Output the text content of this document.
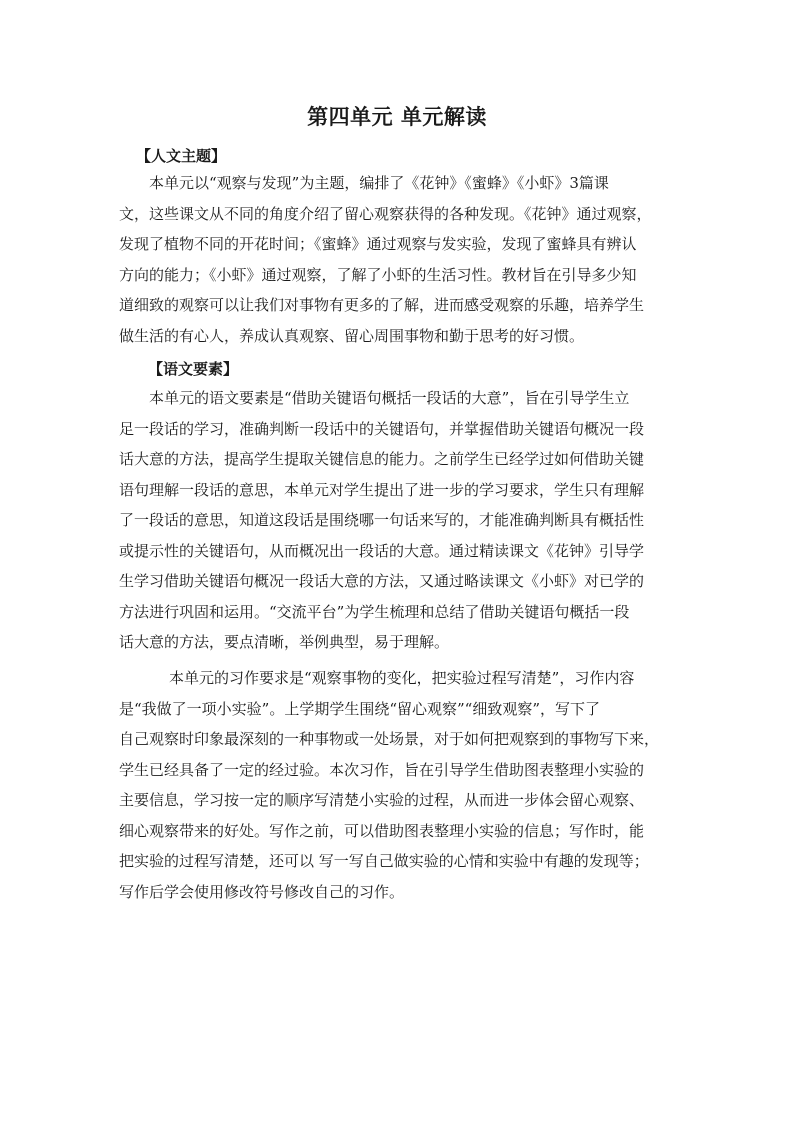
第四单元 单元解读
【人文主题】
本单元以“观察与发现”为主题，编排了《花钟》《蜜蜂》《小虾》3篇课
文，这些课文从不同的角度介绍了留心观察获得的各种发现。《花钟》通过观察，
发现了植物不同的开花时间；《蜜蜂》通过观察与发实验，发现了蜜蜂具有辨认
方向的能力；《小虾》通过观察，了解了小虾的生活习性。教材旨在引导多少知
道细致的观察可以让我们对事物有更多的了解，进而感受观察的乐趣，培养学生
做生活的有心人，养成认真观察、留心周围事物和勤于思考的好习惯。
【语文要素】
本单元的语文要素是“借助关键语句概括一段话的大意”，旨在引导学生立
足一段话的学习，准确判断一段话中的关键语句，并掌握借助关键语句概况一段
话大意的方法，提高学生提取关键信息的能力。之前学生已经学过如何借助关键
语句理解一段话的意思，本单元对学生提出了进一步的学习要求，学生只有理解
了一段话的意思，知道这段话是围绕哪一句话来写的，才能准确判断具有概括性
或提示性的关键语句，从而概况出一段话的大意。通过精读课文《花钟》引导学
生学习借助关键语句概况一段话大意的方法，又通过略读课文《小虾》对已学的
方法进行巩固和运用。“交流平台”为学生梳理和总结了借助关键语句概括一段
话大意的方法，要点清晰，举例典型，易于理解。
本单元的习作要求是“观察事物的变化，把实验过程写清楚”，习作内容
是“我做了一项小实验”。上学期学生围绕“留心观察”“细致观察”，写下了
自己观察时印象最深刻的一种事物或一处场景，对于如何把观察到的事物写下来，
学生已经具备了一定的经过验。本次习作，旨在引导学生借助图表整理小实验的
主要信息，学习按一定的顺序写清楚小实验的过程，从而进一步体会留心观察、
细心观察带来的好处。写作之前，可以借助图表整理小实验的信息；写作时，能
把实验的过程写清楚，还可以 写一写自己做实验的心情和实验中有趣的发现等；
写作后学会使用修改符号修改自己的习作。
